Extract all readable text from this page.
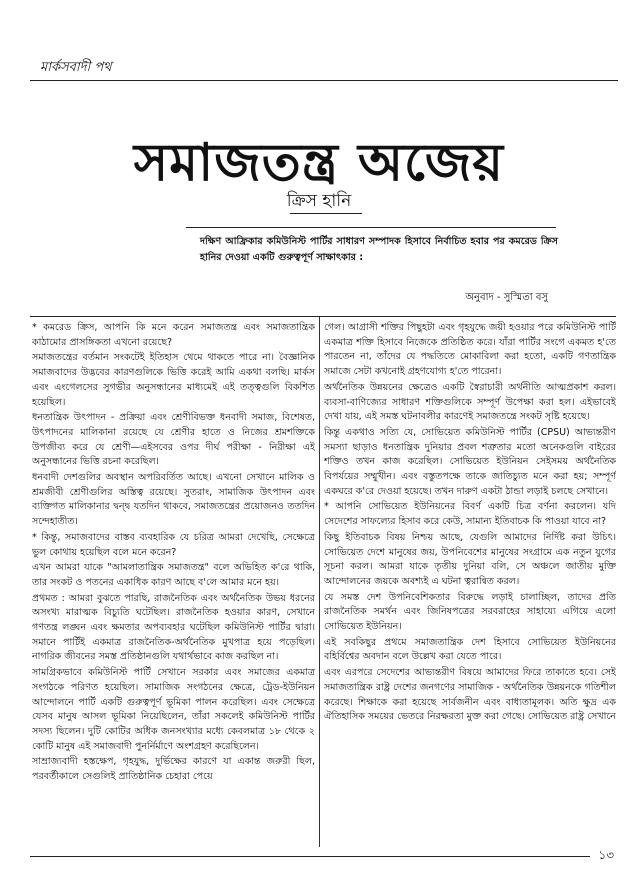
মার্কসবাদী পথ
সমাজতন্ত্র অজেয়
ক্রিস হানি
দক্ষিণ আফ্রিকার কমিউনিস্ট পার্টির সাধারণ সম্পাদক হিসাবে নির্বাচিত হবার পর কমরেড ক্রিস হানির দেওয়া একটি গুরুত্বপূর্ণ সাক্ষাৎকার :
অনুবাদ - সুস্মিতা বসু

* কমরেড ক্রিস, আপনি কি মনে করেন সমাজতন্ত্র এবং সমাজতান্ত্রিক কাঠামোর প্রাসঙ্গিকতা এখনো রয়েছে?

সমাজতন্ত্রের বর্তমান সংকটেই ইতিহাস থেমে থাকতে পারে না। বৈজ্ঞানিক সমাজবাদের উদ্ভবের কারণগুলিকে ভিত্তি করেই আমি একথা বলছি। মার্কস এবং এংগেলসের সুগভীর অনুসন্ধানের মাধ্যমেই এই তত্ত্বগুলি বিকশিত হয়েছিল।

ধনতান্ত্রিক উৎপাদন - প্রক্রিয়া এবং শ্রেণীবিভক্ত ধনবাদী সমাজ, বিশেষত, উৎপাদনের মালিকানা রয়েছে যে শ্রেণীর হাতে ও নিজের শ্রমশক্তিকে উপজীব্য করে যে শ্রেণী—এইসবের ওপর দীর্ঘ পরীক্ষা - নিরীক্ষা এই অনুসন্ধানের ভিত্তি রচনা করেছিল।

ধনবাদী দেশগুলির অবস্থান অপরিবর্তিত আছে। এখনো সেখানে মালিক ও শ্রমজীবী শ্রেণীগুলির অস্তিত্ব রয়েছে। সুতরাং, সামাজিক উৎপাদন এবং ব্যক্তিগত মালিকানার দ্বন্দ্ব যতদিন থাকবে, সমাজতন্ত্রের প্রয়োজনও ততদিন সন্দেহাতীত।

* কিন্তু, সমাজবাদের বাস্তব ব্যবহারিক যে চরিত্র আমরা দেখেছি, সেক্ষেত্রে ভুল কোথায় হয়েছিল বলে মনে করেন?

এখন আমরা যাকে "আমলাতান্ত্রিক সমাজতন্ত্র" বলে অভিহিত ক'রে থাকি, তার সংকট ও পতনের একাধিক কারণ আছে ব'লে আমার মনে হয়।

প্রথমত : আমরা বুঝতে পারছি, রাজনৈতিক এবং অর্থনৈতিক উভয় ধরনের অসংখ্য মারাত্মক বিচ্যুতি ঘটেছিল। রাজনৈতিক হওয়ার কারণ, সেখানে গণতন্ত্র লঙ্ঘন এবং ক্ষমতার অপব্যবহার ঘটেছিল কমিউনিস্ট পার্টির দ্বারা। সমানে পার্টিই একমাত্র রাজনৈতিক-অর্থনৈতিক মুখপাত্র হয়ে পড়েছিল। নাগরিক জীবনের সমস্ত প্রতিষ্ঠানগুলি যথার্থভাবে কাজ করছিল না।

সামগ্রিকভাবে কমিউনিস্ট পার্টি সেখানে সরকার এবং সমাজের একমাত্র সংগঠকে পরিণত হয়েছিল। সামাজিক সংগঠনের ক্ষেত্রে, ট্রেড-ইউনিয়ন আন্দোলনে পার্টি একটি গুরুত্বপূর্ণ ভূমিকা পালন করেছিল। এবং সেক্ষেত্রে যেসব মানুষ আসল ভূমিকা নিয়েছিলেন, তাঁরা সকলেই কমিউনিস্ট পার্টির সদস্য ছিলেন। দুটি কোটির অধিক জনসংখ্যার মধ্যে কেবলমাত্র ১৮ থেকে ২ কোটি মানুষ এই সমাজবাদী পুনর্নির্মাণে অংশগ্রহণ করেছিলেন।

সাম্রাজ্যবাদী হস্তক্ষেপ, গৃহযুদ্ধ, দুর্ভিক্ষের কারণে যা একান্ত জরুরী ছিল, পরবর্তীকালে সেগুলিই প্রাতিষ্ঠানিক চেহারা পেয়ে

গেল। আগ্রাসী শক্তির পিছুহটা এবং গৃহযুদ্ধে জয়ী হওয়ার পরে কমিউনিস্ট পার্টি একমাত্র শক্তি হিসাবে নিজেকে প্রতিষ্ঠিত করে। যাঁরা পার্টির সংগে একমত হ'তে পারতেন না, তাঁদের যে পদ্ধতিতে মোকাবিলা করা হতো, একটি গণতান্ত্রিক সমাজে সেটা কখনোই গ্রহণযোগ্য হ'তে পারেনা।

অর্থনৈতিক উন্নয়নের ক্ষেত্রেও একটি স্বৈরাচারী অর্থনীতি আত্মপ্রকাশ করল। ব্যবসা-বাণিজ্যের সাধারণ শক্তিগুলিকে সম্পূর্ণ উপেক্ষা করা হল। এইভাবেই দেখা যায়, এই সমস্ত ঘটনাবলীর কারণেই সমাজতন্ত্রে সংকট সৃষ্টি হয়েছে।

কিন্তু একথাও সত্যি যে, সোভিয়েত কমিউনিস্ট পার্টির (CPSU) আভ্যন্তরীণ সমস্যা ছাড়াও ধনতান্ত্রিক দুনিয়ার প্রবল শত্রুতার মতো অনেকগুলি বাইরের শক্তিও তখন কাজ করেছিল। সোভিয়েত ইউনিয়ন সেইসময় অর্থনৈতিক বিপর্যয়ের সম্মুখীন। এবং বস্তুতপক্ষে তাকে জাতিচ্যুত মনে করা হয়; সম্পূর্ণ একঘরে ক'রে দেওয়া হয়েছে। তখন দারুণ একটা ঠান্ডা লড়াই চলছে সেখানে।

* আপনি সোভিয়েত ইউনিয়নের বিবর্ণ একটি চিত্র বর্ণনা করলেন। যদি সেদেশের সাফল্যের হিসাব করে কেউ, সামান্য ইতিবাচক কি পাওয়া যাবে না?

কিছু ইতিবাচক বিষয় নিশ্চয় আছে, যেগুলি আমাদের নির্দিষ্ট করা উচিৎ। সোভিয়েত দেশে মানুষের জয়, উপনিবেশের মানুষের সংগ্রামে এক নতুন যুগের সূচনা করল। আমরা যাকে তৃতীয় দুনিয়া বলি, সে অঞ্চলে জাতীয় মুক্তি আন্দোলনের জয়কে অবশ্যই এ ঘটনা ত্বরান্বিত করল।

যে সমস্ত দেশ উপনিবেশিকতার বিরুদ্ধে লড়াই চালাচ্ছিল, তাদের প্রতি রাজনৈতিক সমর্থন এবং জিনিষপত্রের সরবরাহের সাহায্যে এগিয়ে এলো সোভিয়েত ইউনিয়ন।

এই সবকিছুর প্রথমে সমাজতান্ত্রিক দেশ হিসাবে সোভিয়েত ইউনিয়নের বহির্বিশ্বের অবদান বলে উল্লেখ করা যেতে পারে।

এবং এরপরে সেদেশের আভ্যন্তরীণ বিষয়ে আমাদের ফিরে তাকাতে হবে। সেই সমাজতান্ত্রিক রাষ্ট্র দেশের জনগণের সামাজিক - অর্থনৈতিক উন্নয়নকে গতিশীল করেছে। শিক্ষাকে করা হয়েছে সার্বজনীন এবং বাধ্যতামূলক। অতি ক্ষুদ্র এক ঐতিহাসিক সময়ের ভেতরে নিরক্ষরতা মুক্ত করা গেছে। সোভিয়েত রাষ্ট্র সেখানে

১৩
